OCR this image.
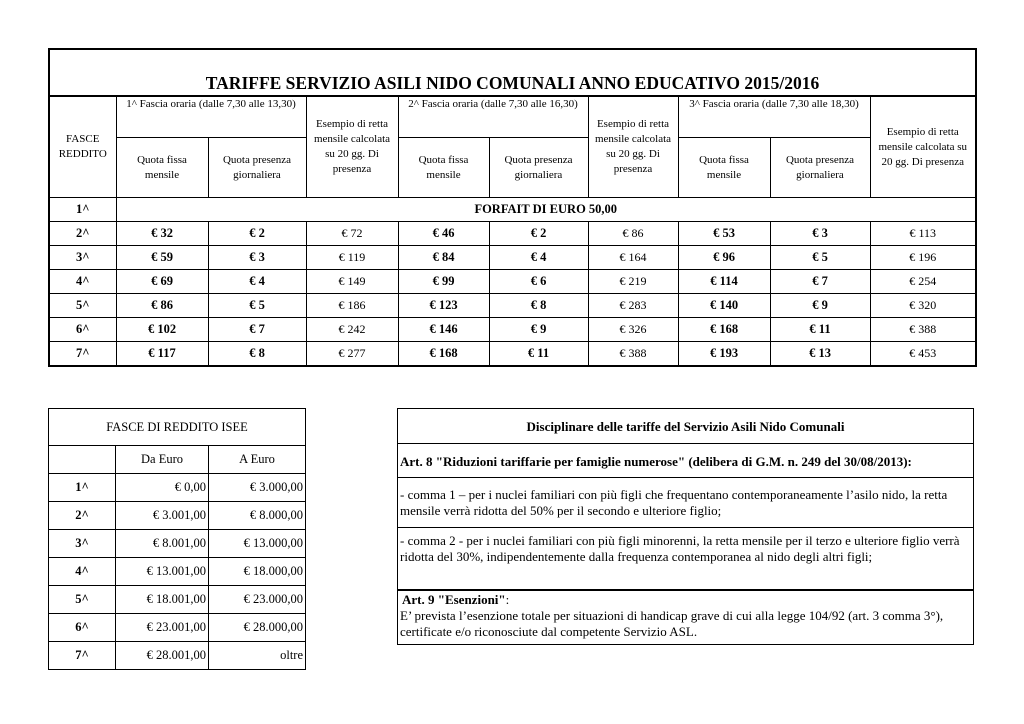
TARIFFE SERVIZIO ASILI NIDO COMUNALI ANNO EDUCATIVO 2015/2016									
FASCE REDDITO	1^ Fascia oraria (dalle 7,30 alle 13,30)		Esempio di retta mensile calcolata su 20 gg. Di presenza	2^ Fascia oraria (dalle 7,30 alle 16,30)		Esempio di retta mensile calcolata su 20 gg. Di presenza	3^ Fascia oraria (dalle 7,30 alle 18,30)		Esempio di retta mensile calcolata su 20 gg. Di presenza
	Quota fissa mensile	Quota presenza giornaliera		Quota fissa mensile	Quota presenza giornaliera		Quota fissa mensile	Quota presenza giornaliera	
1^	FORFAIT DI EURO 50,00								
2^	€ 32	€ 2	€ 72	€ 46	€ 2	€ 86	€ 53	€ 3	€ 113
3^	€ 59	€ 3	€ 119	€ 84	€ 4	€ 164	€ 96	€ 5	€ 196
4^	€ 69	€ 4	€ 149	€ 99	€ 6	€ 219	€ 114	€ 7	€ 254
5^	€ 86	€ 5	€ 186	€ 123	€ 8	€ 283	€ 140	€ 9	€ 320
6^	€ 102	€ 7	€ 242	€ 146	€ 9	€ 326	€ 168	€ 11	€ 388
7^	€ 117	€ 8	€ 277	€ 168	€ 11	€ 388	€ 193	€ 13	€ 453
FASCE DI REDDITO ISEE		
	Da Euro	A Euro
1^	€ 0,00	€ 3.000,00
2^	€ 3.001,00	€ 8.000,00
3^	€ 8.001,00	€ 13.000,00
4^	€ 13.001,00	€ 18.000,00
5^	€ 18.001,00	€ 23.000,00
6^	€ 23.001,00	€ 28.000,00
7^	€ 28.001,00	oltre
Disciplinare delle tariffe del Servizio Asili Nido Comunali
Art. 8 "Riduzioni tariffarie per famiglie numerose" (delibera di G.M. n. 249 del 30/08/2013):
- comma 1 – per i nuclei familiari con più figli che frequentano contemporaneamente l’asilo nido, la retta mensile verrà ridotta del 50% per il secondo e ulteriore figlio;
- comma 2 - per i nuclei familiari con più figli minorenni, la retta mensile per il terzo e ulteriore figlio verrà ridotta del 30%, indipendentemente dalla frequenza contemporanea al nido degli altri figli;
Art. 9 "Esenzioni":
E’ prevista l’esenzione totale per situazioni di handicap grave di cui alla legge 104/92 (art. 3 comma 3°), certificate e/o riconosciute dal competente Servizio ASL.
